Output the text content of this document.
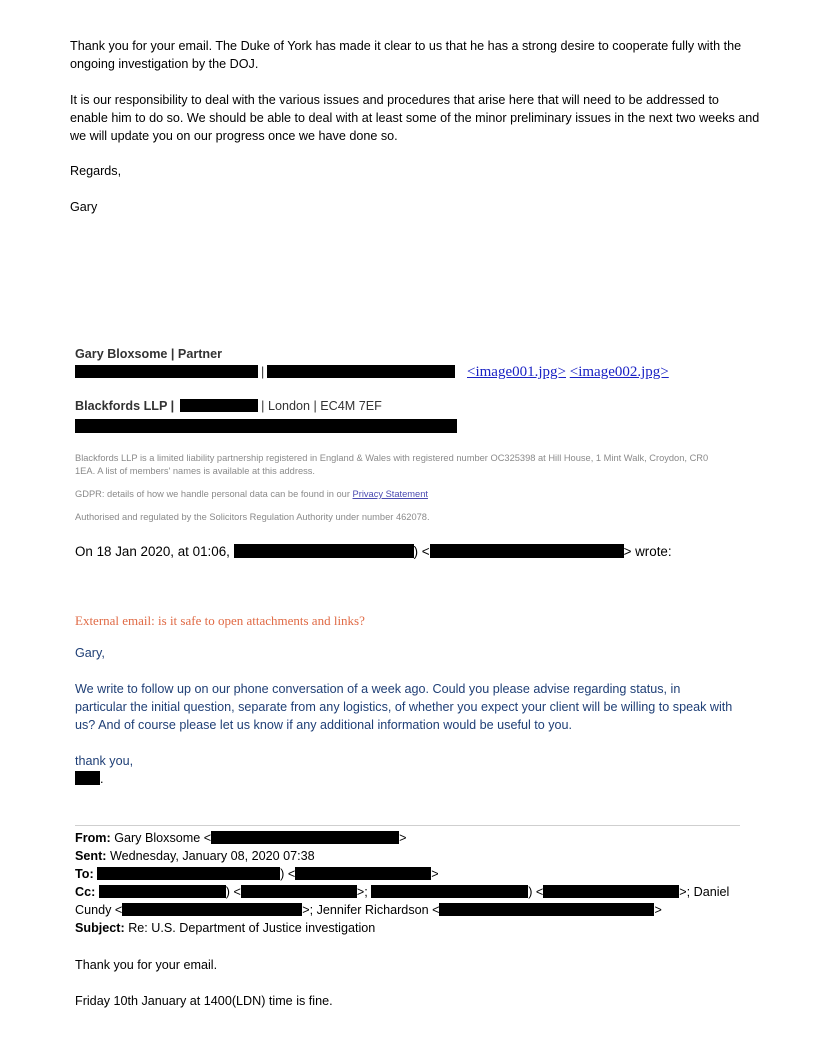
Thank you for your email. The Duke of York has made it clear to us that he has a strong desire to cooperate fully with the ongoing investigation by the DOJ.

It is our responsibility to deal with the various issues and procedures that arise here that will need to be addressed to enable him to do so. We should be able to deal with at least some of the minor preliminary issues in the next two weeks and we will update you on our progress once we have done so.

Regards,

Gary

Gary Bloxsome | Partner

|	<image001.jpg> <image002.jpg>
Blackfords LLP |	| London | EC4M 7EF

Blackfords LLP is a limited liability partnership registered in England & Wales with registered number OC325398 at Hill House, 1 Mint Walk, Croydon, CR0 1EA. A list of members' names is available at this address.

GDPR: details of how we handle personal data can be found in our Privacy Statement

Authorised and regulated by the Solicitors Regulation Authority under number 462078.

On 18 Jan 2020, at 01:06,	) <	> wrote:

External email: is it safe to open attachments and links?

Gary,

We write to follow up on our phone conversation of a week ago. Could you please advise regarding status, in particular the initial question, separate from any logistics, of whether you expect your client will be willing to speak with us? And of course please let us know if any additional information would be useful to you.

thank you,

.
From: Gary Bloxsome <	>
Sent: Wednesday, January 08, 2020 07:38
To:	) <	>
Cc:	) <	>;	) <	>; Daniel
Cundy <	>; Jennifer Richardson <	>
Subject: Re: U.S. Department of Justice investigation

Thank you for your email.

Friday 10th January at 1400(LDN) time is fine.
